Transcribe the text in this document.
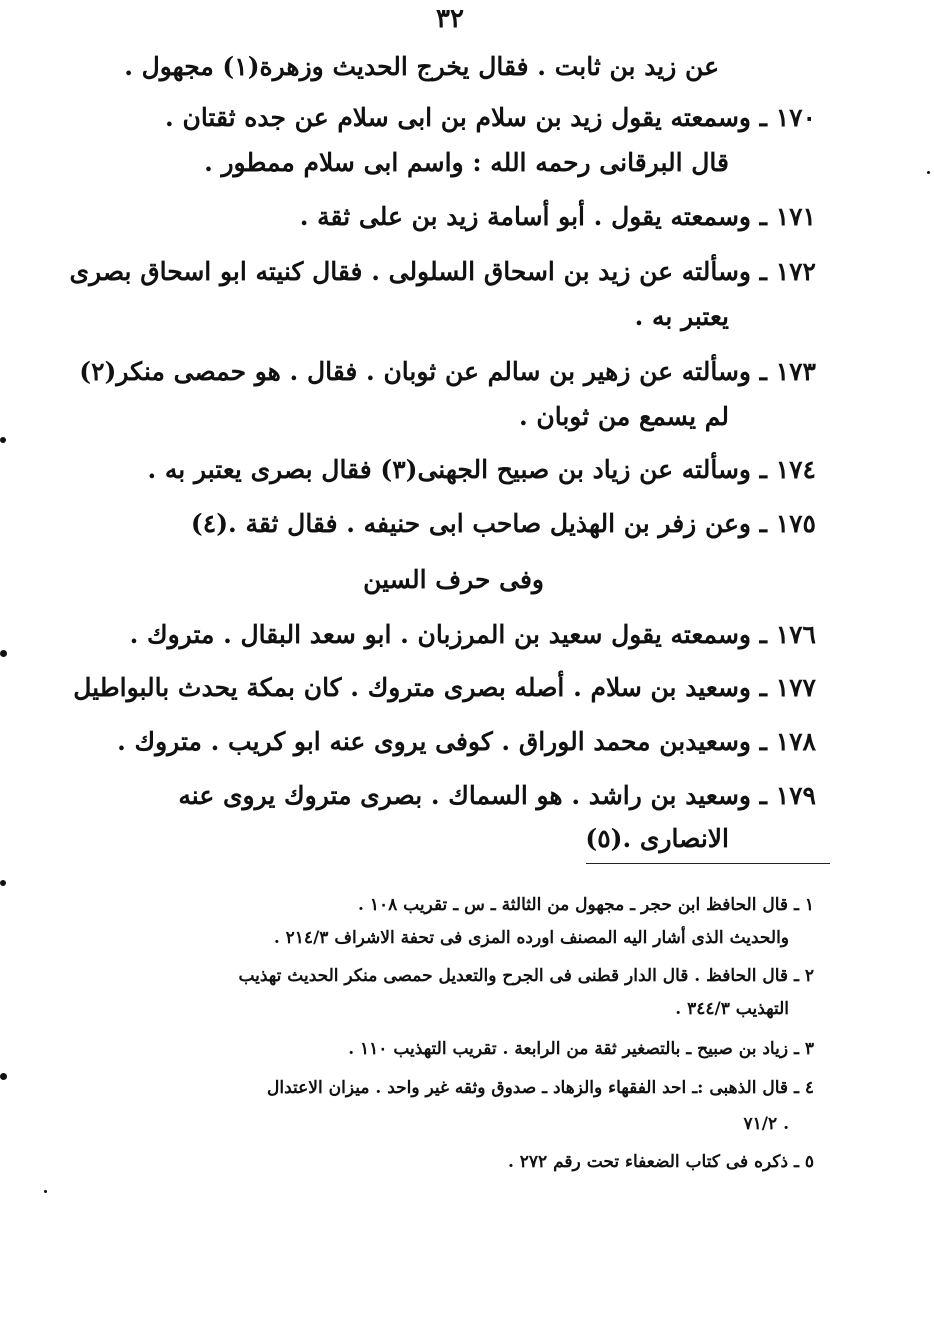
٣٢
عن زيد بن ثابت . فقال يخرج الحديث وزهرة(١) مجهول .
١٧٠ ـ وسمعته يقول زيد بن سلام بن ابى سلام عن جده ثقتان .
قال البرقانى رحمه الله : واسم ابى سلام ممطور .
١٧١ ـ وسمعته يقول . أبو أسامة زيد بن على ثقة .
١٧٢ ـ وسألته عن زيد بن اسحاق السلولى . فقال كنيته ابو اسحاق بصرى
يعتبر به .
١٧٣ ـ وسألته عن زهير بن سالم عن ثوبان . فقال . هو حمصى منكر(٢)
لم يسمع من ثوبان .
١٧٤ ـ وسألته عن زياد بن صبيح الجهنى(٣) فقال بصرى يعتبر به .
١٧٥ ـ وعن زفر بن الهذيل صاحب ابى حنيفه . فقال ثقة .(٤)
وفى حرف السين
١٧٦ ـ وسمعته يقول سعيد بن المرزبان . ابو سعد البقال . متروك .
١٧٧ ـ وسعيد بن سلام . أصله بصرى متروك . كان بمكة يحدث بالبواطيل
١٧٨ ـ وسعيدبن محمد الوراق . كوفى يروى عنه ابو كريب . متروك .
١٧٩ ـ وسعيد بن راشد . هو السماك . بصرى متروك يروى عنه
الانصارى .(٥)
١ ـ قال الحافظ ابن حجر ـ مجهول من الثالثة ـ س ـ تقريب ١٠٨ .
والحديث الذى أشار اليه المصنف اورده المزى فى تحفة الاشراف ٢١٤/٣ .
٢ ـ قال الحافظ . قال الدار قطنى فى الجرح والتعديل حمصى منكر الحديث تهذيب
التهذيب ٣٤٤/٣ .
٣ ـ زياد بن صبيح ـ بالتصغير ثقة من الرابعة . تقريب التهذيب ١١٠ .
٤ ـ قال الذهبى :ـ احد الفقهاء والزهاد ـ صدوق وثقه غير واحد . ميزان الاعتدال
٧١/٢ .
٥ ـ ذكره فى كتاب الضعفاء تحت رقم ٢٧٢ .
